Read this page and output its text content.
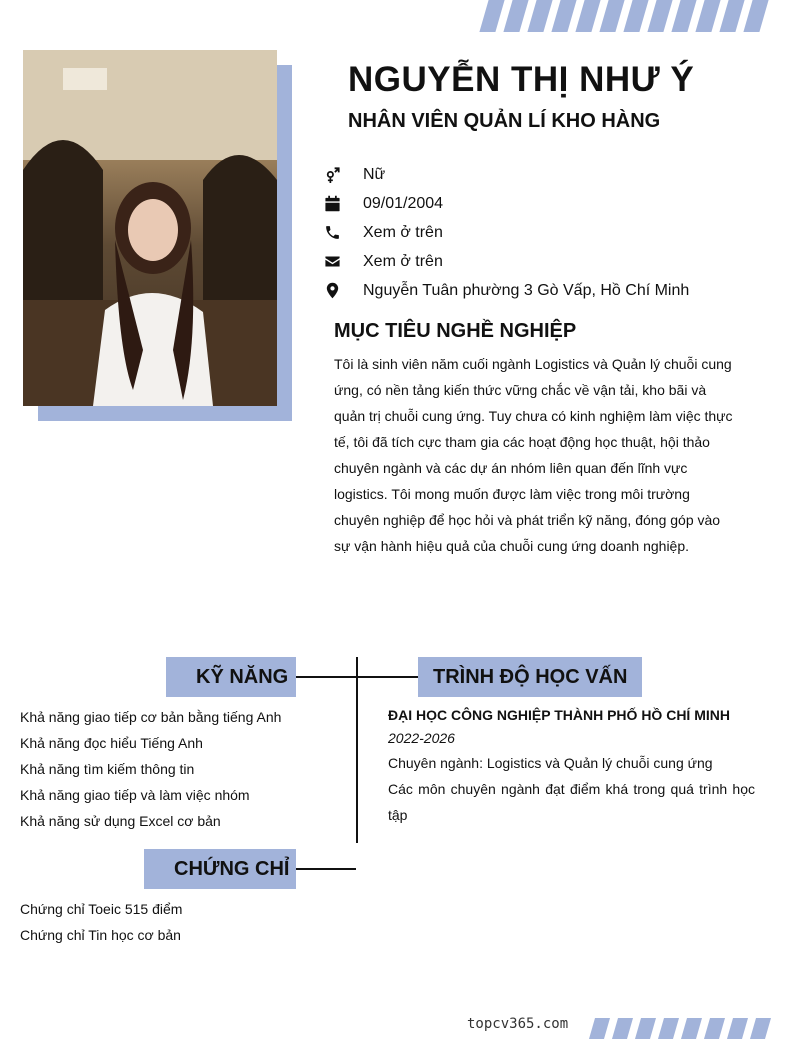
NGUYỄN THỊ NHƯ Ý
NHÂN VIÊN QUẢN LÍ KHO HÀNG
Nữ
09/01/2004
Xem ở trên
Xem ở trên
Nguyễn Tuân phường 3 Gò Vấp, Hồ Chí Minh
MỤC TIÊU NGHỀ NGHIỆP

Tôi là sinh viên năm cuối ngành Logistics và Quản lý chuỗi cung ứng, có nền tảng kiến thức vững chắc về vận tải, kho bãi và quản trị chuỗi cung ứng. Tuy chưa có kinh nghiệm làm việc thực tế, tôi đã tích cực tham gia các hoạt động học thuật, hội thảo chuyên ngành và các dự án nhóm liên quan đến lĩnh vực logistics. Tôi mong muốn được làm việc trong môi trường chuyên nghiệp để học hỏi và phát triển kỹ năng, đóng góp vào sự vận hành hiệu quả của chuỗi cung ứng doanh nghiệp.

KỸ NĂNG
Khả năng giao tiếp cơ bản bằng tiếng Anh
Khả năng đọc hiểu Tiếng Anh
Khả năng tìm kiếm thông tin
Khả năng giao tiếp và làm việc nhóm
Khả năng sử dụng Excel cơ bản
TRÌNH ĐỘ HỌC VẤN

ĐẠI HỌC CÔNG NGHIỆP THÀNH PHỐ HỒ CHÍ MINH

2022-2026

Chuyên ngành: Logistics và Quản lý chuỗi cung ứng

Các môn chuyên ngành đạt điểm khá trong quá trình học tập

CHỨNG CHỈ
Chứng chỉ Toeic 515 điểm
Chứng chỉ Tin học cơ bản
topcv365.com
